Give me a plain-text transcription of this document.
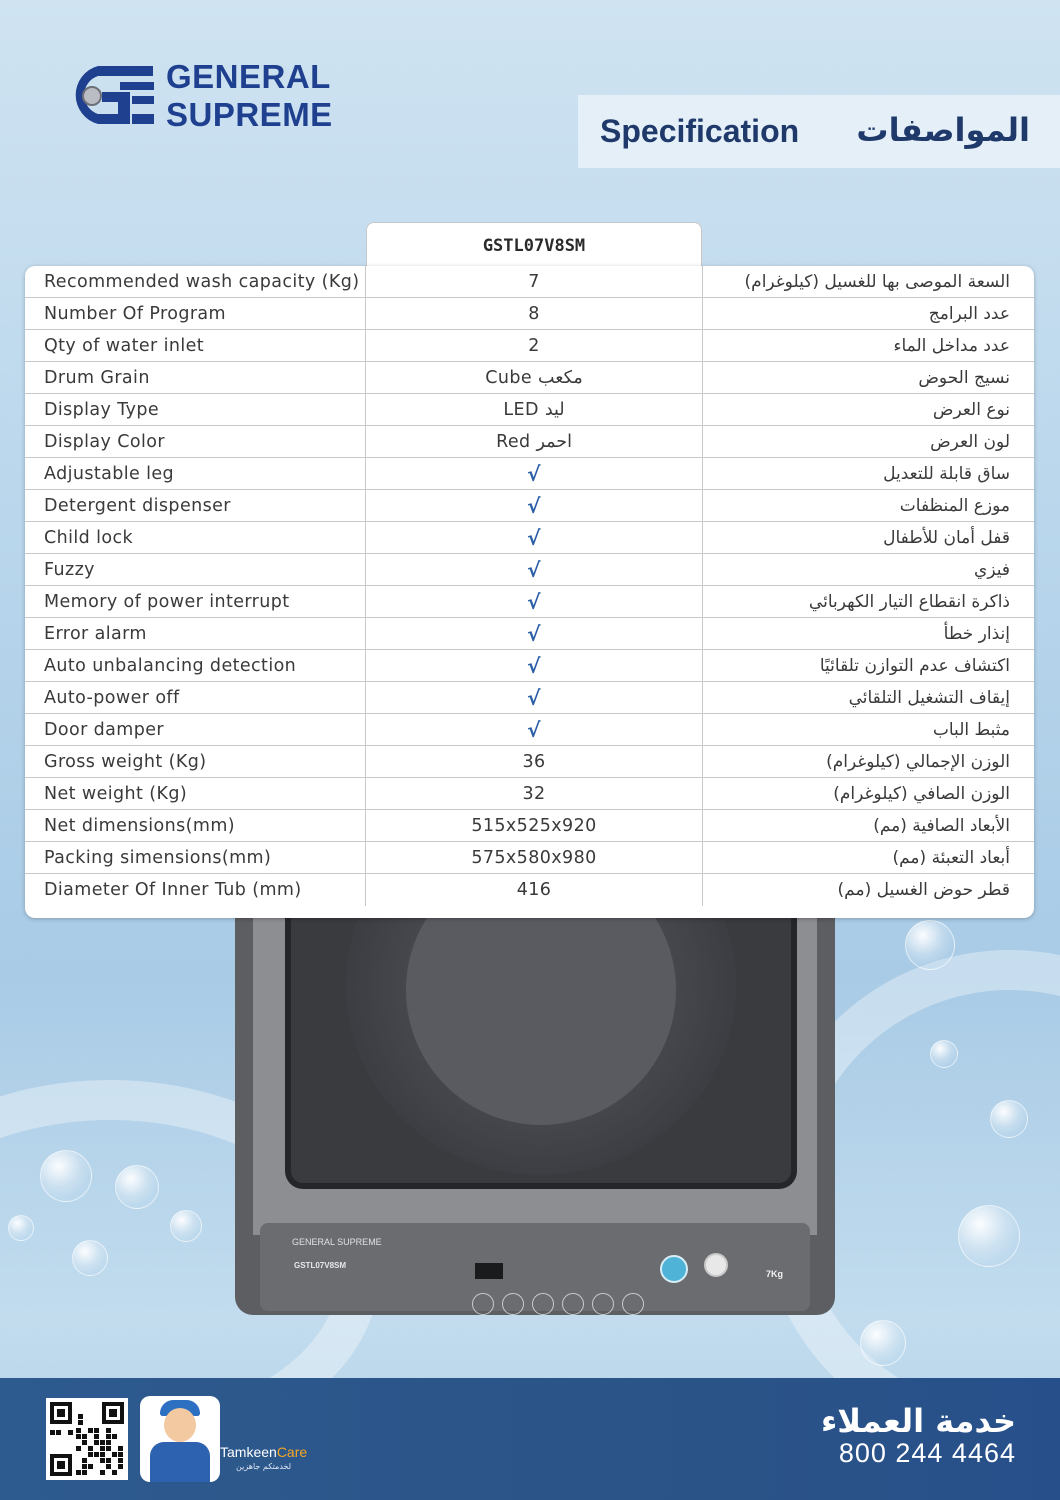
GENERAL
SUPREME	Specification المواصفات
GENERAL SUPREME
GSTL07V8SM
7Kg
GSTL07V8SM
Recommended wash capacity (Kg)	7	السعة الموصى بها للغسيل (كيلوغرام)
Number Of Program	8	عدد البرامج
Qty of water inlet	2	عدد مداخل الماء
Drum Grain	Cube مكعب	نسيج الحوض
Display Type	LED ليد	نوع العرض
Display Color	Red احمر	لون العرض
Adjustable leg	√	ساق قابلة للتعديل
Detergent dispenser	√	موزع المنظفات
Child lock	√	قفل أمان للأطفال
Fuzzy	√	فيزي
Memory of power interrupt	√	ذاكرة انقطاع التيار الكهربائي
Error alarm	√	إنذار خطأ
Auto unbalancing detection	√	اكتشاف عدم التوازن تلقائيًا
Auto-power off	√	إيقاف التشغيل التلقائي
Door damper	√	مثبط الباب
Gross weight (Kg)	36	الوزن الإجمالي (كيلوغرام)
Net weight (Kg)	32	الوزن الصافي (كيلوغرام)
Net dimensions(mm)	515x525x920	الأبعاد الصافية (مم)
Packing simensions(mm)	575x580x980	أبعاد التعبئة (مم)
Diameter Of Inner Tub (mm)	416	قطر حوض الغسيل (مم)
TamkeenCare
لخدمتكم جاهزين
خدمة العملاء
800 244 4464
